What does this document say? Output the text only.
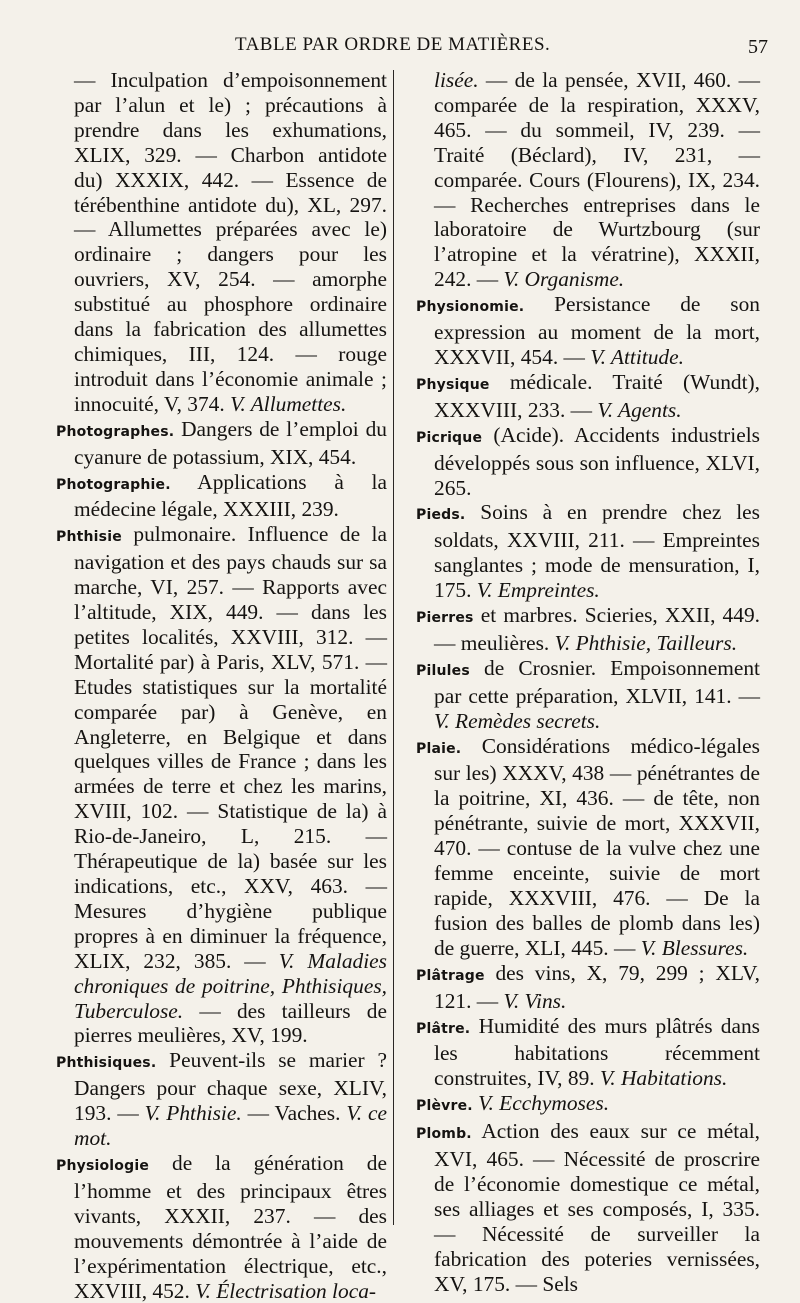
TABLE PAR ORDRE DE MATIÈRES.	57

— Inculpation d’empoisonnement par l’alun et le) ; précautions à prendre dans les exhumations, XLIX, 329. — Charbon antidote du) XXXIX, 442. — Essence de térébenthine antidote du), XL, 297. — Allumettes préparées avec le) ordinaire ; dangers pour les ouvriers, XV, 254. — amorphe substitué au phosphore ordinaire dans la fabrication des allumettes chimiques, III, 124. — rouge introduit dans l’économie animale ; innocuité, V, 374. V. Allumettes.

Photographes. Dangers de l’emploi du cyanure de potassium, XIX, 454.

Photographie. Applications à la médecine légale, XXXIII, 239.

Phthisie pulmonaire. Influence de la navigation et des pays chauds sur sa marche, VI, 257. — Rapports avec l’altitude, XIX, 449. — dans les petites localités, XXVIII, 312. — Mortalité par) à Paris, XLV, 571. — Etudes statistiques sur la mortalité comparée par) à Genève, en Angleterre, en Belgique et dans quelques villes de France ; dans les armées de terre et chez les marins, XVIII, 102. — Statistique de la) à Rio-de-Janeiro, L, 215. — Thérapeutique de la) basée sur les indications, etc., XXV, 463. — Mesures d’hygiène publique propres à en diminuer la fréquence, XLIX, 232, 385. — V. Maladies chroniques de poitrine, Phthisiques, Tuberculose. — des tailleurs de pierres meulières, XV, 199.

Phthisiques. Peuvent-ils se marier ? Dangers pour chaque sexe, XLIV, 193. — V. Phthisie. — Vaches. V. ce mot.

Physiologie de la génération de l’homme et des principaux êtres vivants, XXXII, 237. — des mouvements démontrée à l’aide de l’expérimentation électrique, etc., XXVIII, 452. V. Électrisation loca-

lisée. — de la pensée, XVII, 460. — comparée de la respiration, XXXV, 465. — du sommeil, IV, 239. — Traité (Béclard), IV, 231, — comparée. Cours (Flourens), IX, 234. — Recherches entreprises dans le laboratoire de Wurtzbourg (sur l’atropine et la vératrine), XXXII, 242. — V. Organisme.

Physionomie. Persistance de son expression au moment de la mort, XXXVII, 454. — V. Attitude.

Physique médicale. Traité (Wundt), XXXVIII, 233. — V. Agents.

Picrique (Acide). Accidents industriels développés sous son influence, XLVI, 265.

Pieds. Soins à en prendre chez les soldats, XXVIII, 211. — Empreintes sanglantes ; mode de mensuration, I, 175. V. Empreintes.

Pierres et marbres. Scieries, XXII, 449. — meulières. V. Phthisie, Tailleurs.

Pilules de Crosnier. Empoisonnement par cette préparation, XLVII, 141. — V. Remèdes secrets.

Plaie. Considérations médico-légales sur les) XXXV, 438 — pénétrantes de la poitrine, XI, 436. — de tête, non pénétrante, suivie de mort, XXXVII, 470. — contuse de la vulve chez une femme enceinte, suivie de mort rapide, XXXVIII, 476. — De la fusion des balles de plomb dans les) de guerre, XLI, 445. — V. Blessures.

Plâtrage des vins, X, 79, 299 ; XLV, 121. — V. Vins.

Plâtre. Humidité des murs plâtrés dans les habitations récemment construites, IV, 89. V. Habitations.

Plèvre. V. Ecchymoses.

Plomb. Action des eaux sur ce métal, XVI, 465. — Nécessité de proscrire de l’économie domestique ce métal, ses alliages et ses composés, I, 335. — Nécessité de surveiller la fabrication des poteries vernissées, XV, 175. — Sels
